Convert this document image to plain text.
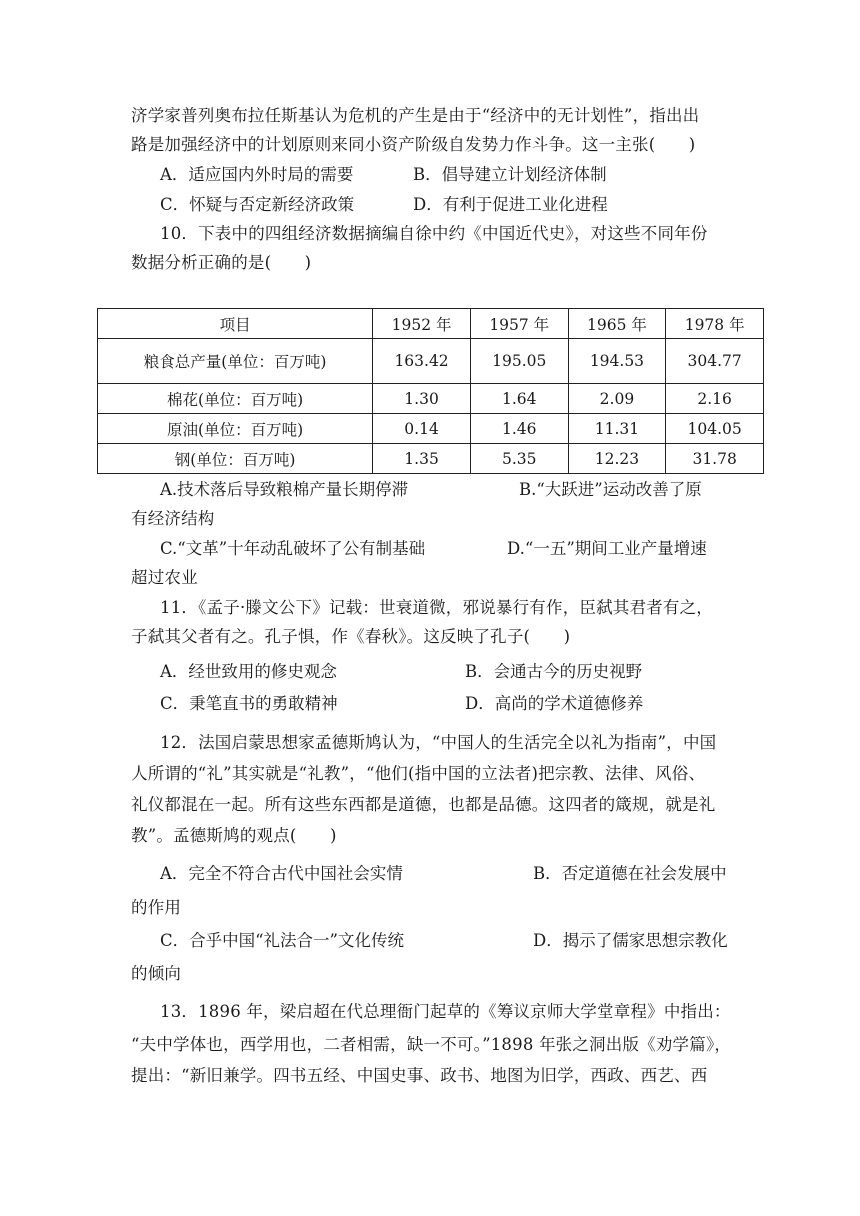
济学家普列奥布拉任斯基认为危机的产生是由于“经济中的无计划性”，指出出
路是加强经济中的计划原则来同小资产阶级自发势力作斗争。这一主张(　　)
A．适应国内外时局的需要	B．倡导建立计划经济体制
C．怀疑与否定新经济政策	D．有利于促进工业化进程
10．下表中的四组经济数据摘编自徐中约《中国近代史》，对这些不同年份
数据分析正确的是(　　)
项目	1952 年	1957 年	1965 年	1978 年
粮食总产量(单位：百万吨)	163.42	195.05	194.53	304.77
棉花(单位：百万吨)	1.30	1.64	2.09	2.16
原油(单位：百万吨)	0.14	1.46	11.31	104.05
钢(单位：百万吨)	1.35	5.35	12.23	31.78
A.技术落后导致粮棉产量长期停滞	B.“大跃进”运动改善了原
有经济结构
C.“文革”十年动乱破坏了公有制基础	D.“一五”期间工业产量增速
超过农业
11．《孟子·滕文公下》记载：世衰道微，邪说暴行有作，臣弑其君者有之，
子弑其父者有之。孔子惧，作《春秋》。这反映了孔子(　　)
A．经世致用的修史观念	B．会通古今的历史视野
C．秉笔直书的勇敢精神	D．高尚的学术道德修养
12．法国启蒙思想家孟德斯鸠认为，“中国人的生活完全以礼为指南”，中国
人所谓的“礼”其实就是“礼教”，“他们(指中国的立法者)把宗教、法律、风俗、
礼仪都混在一起。所有这些东西都是道德，也都是品德。这四者的箴规，就是礼
教”。孟德斯鸠的观点(　　)
A．完全不符合古代中国社会实情	B．否定道德在社会发展中
的作用
C．合乎中国“礼法合一”文化传统	D．揭示了儒家思想宗教化
的倾向
13．1896 年，梁启超在代总理衙门起草的《筹议京师大学堂章程》中指出：
“夫中学体也，西学用也，二者相需，缺一不可。”1898 年张之洞出版《劝学篇》，
提出：“新旧兼学。四书五经、中国史事、政书、地图为旧学，西政、西艺、西
